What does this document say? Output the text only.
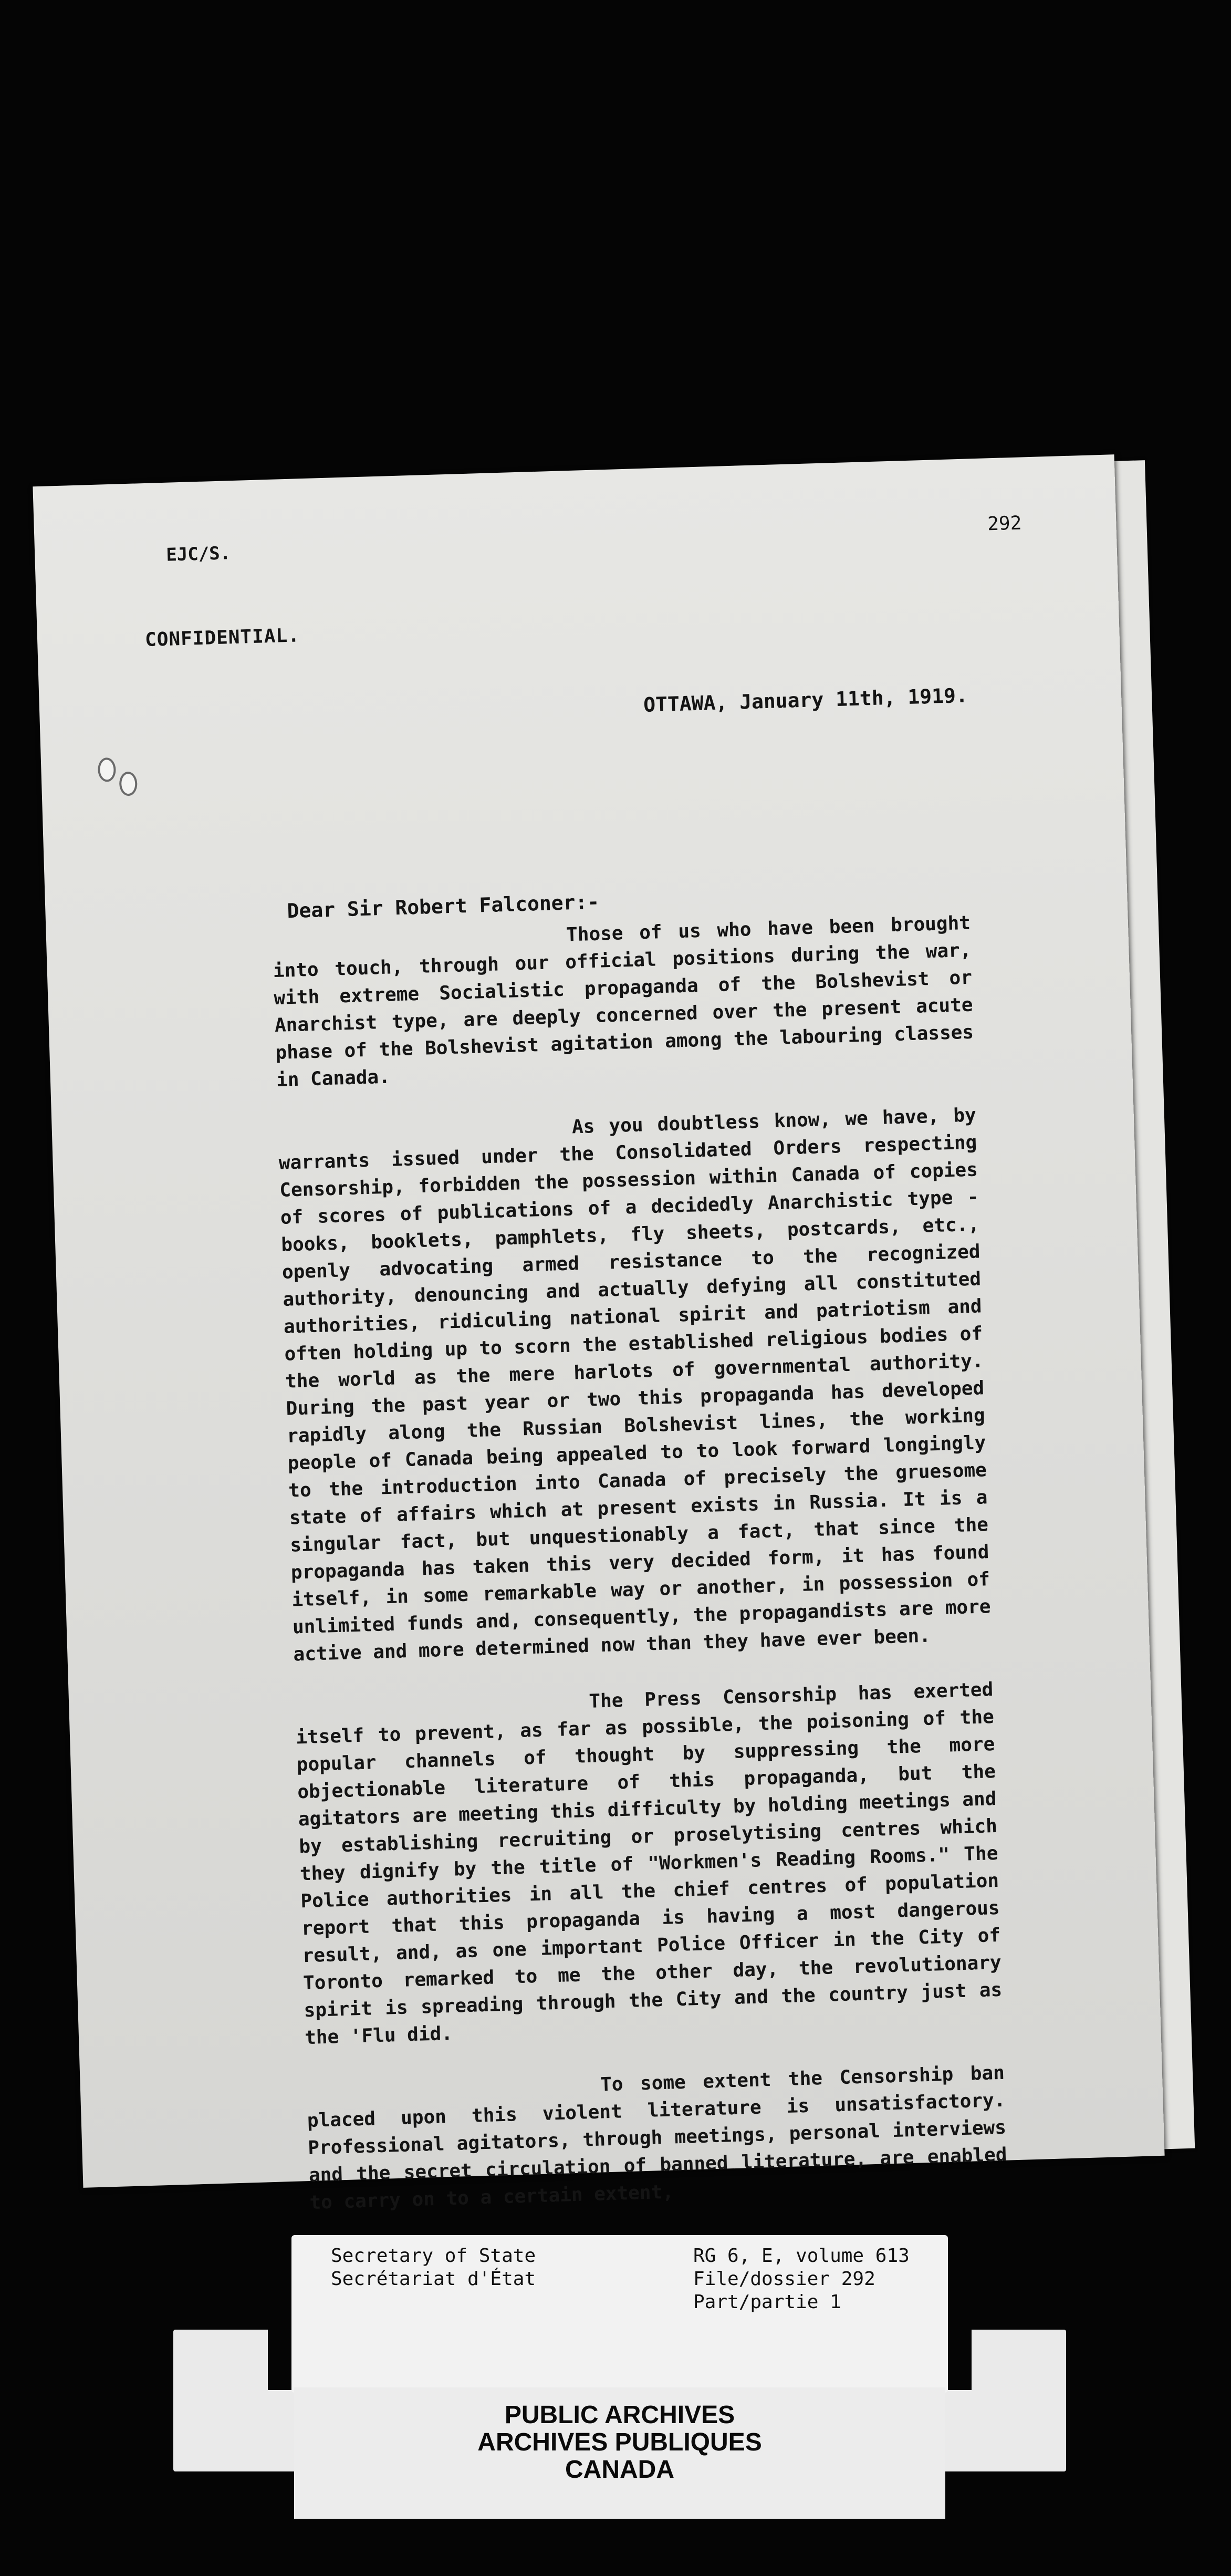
EJC/S.
292
CONFIDENTIAL.
OTTAWA, January 11th, 1919.
Dear Sir Robert Falconer:-

Those of us who have been brought into touch, through our official positions during the war, with extreme Socialistic propaganda of the Bolshevist or Anarchist type, are deeply concerned over the present acute phase of the Bolshevist agitation among the labouring classes in Canada.

As you doubtless know, we have, by warrants issued under the Consolidated Orders respecting Censorship, forbidden the possession within Canada of copies of scores of publications of a decidedly Anarchistic type - books, booklets, pamphlets, fly sheets, postcards, etc., openly advocating armed resistance to the recognized authority, denouncing and actually defying all constituted authorities, ridiculing national spirit and patriotism and often holding up to scorn the established religious bodies of the world as the mere harlots of governmental authority. During the past year or two this propaganda has developed rapidly along the Russian Bolshevist lines, the working people of Canada being appealed to to look forward longingly to the introduction into Canada of precisely the gruesome state of affairs which at present exists in Russia. It is a singular fact, but unquestionably a fact, that since the propaganda has taken this very decided form, it has found itself, in some remarkable way or another, in possession of unlimited funds and, consequently, the propagandists are more active and more determined now than they have ever been.

The Press Censorship has exerted itself to prevent, as far as possible, the poisoning of the popular channels of thought by suppressing the more objectionable literature of this propaganda, but the agitators are meeting this difficulty by holding meetings and by establishing recruiting or proselytising centres which they dignify by the title of "Workmen's Reading Rooms." The Police authorities in all the chief centres of population report that this propaganda is having a most dangerous result, and, as one important Police Officer in the City of Toronto remarked to me the other day, the revolutionary spirit is spreading through the City and the country just as the 'Flu did.

To some extent the Censorship ban placed upon this violent literature is unsatisfactory. Professional agitators, through meetings, personal interviews and the secret circulation of banned literature, are enabled to carry on to a certain extent,

Secretary of State
Secrétariat d'État
RG 6, E, volume 613
File/dossier 292
Part/partie 1
PUBLIC ARCHIVES
ARCHIVES PUBLIQUES
CANADA
